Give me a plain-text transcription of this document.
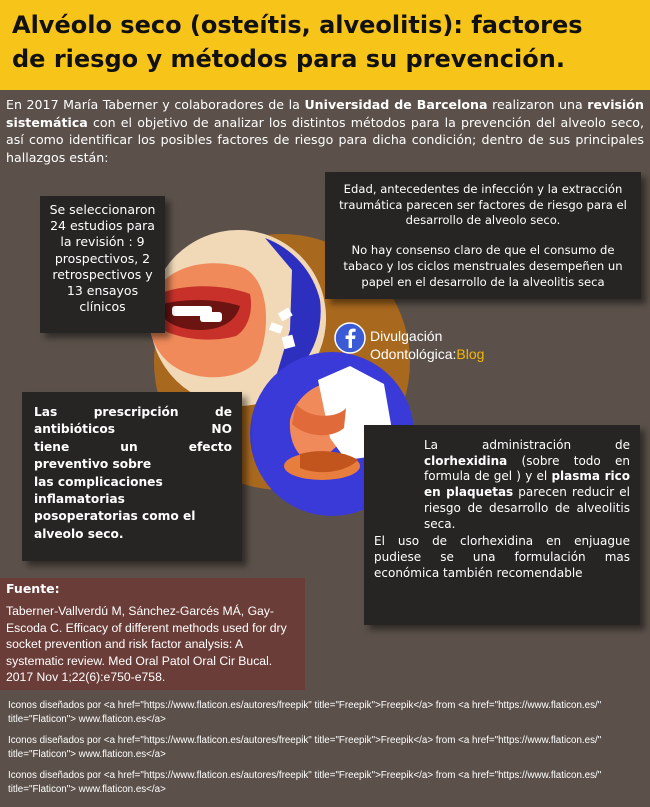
Alvéolo seco (osteítis, alveolitis): factores
de riesgo y métodos para su prevención.
En 2017 María Taberner y colaboradores de la Universidad de Barcelona realizaron una revisión sistemática con el objetivo de analizar los distintos métodos para la prevención del alveolo seco, así como identificar los posibles factores de riesgo para dicha condición; dentro de sus principales hallazgos están:
Se seleccionaron 24 estudios para la revisión : 9 prospectivos, 2 retrospectivos y 13 ensayos clínicos

Edad, antecedentes de infección y la extracción traumática parecen ser factores de riesgo para el desarrollo de alveolo seco.

No hay consenso claro de que el consumo de tabaco y los ciclos menstruales desempeñen un papel en el desarrollo de la alveolitis seca

Las prescripción de
antibióticos NO
tiene un efecto
preventivo sobre
las complicaciones inflamatorias posoperatorias como el alveolo seco.
La administración de clorhexidina (sobre todo en formula de gel ) y el plasma rico en plaquetas parecen reducir el riesgo de desarrollo de alveolitis seca.
El uso de clorhexidina en enjuague pudiese se una formulación mas económica también recomendable
Divulgación
Odontológica:Blog
Fuente:
Taberner-Vallverdú M, Sánchez-Garcés MÁ, Gay-Escoda C. Efficacy of different methods used for dry socket prevention and risk factor analysis: A systematic review. Med Oral Patol Oral Cir Bucal. 2017 Nov 1;22(6):e750-e758.

Iconos diseñados por <a href="https://www.flaticon.es/autores/freepik" title="Freepik">Freepik</a> from <a href="https://www.flaticon.es/" title="Flaticon"> www.flaticon.es</a>

Iconos diseñados por <a href="https://www.flaticon.es/autores/freepik" title="Freepik">Freepik</a> from <a href="https://www.flaticon.es/" title="Flaticon"> www.flaticon.es</a>

Iconos diseñados por <a href="https://www.flaticon.es/autores/freepik" title="Freepik">Freepik</a> from <a href="https://www.flaticon.es/" title="Flaticon"> www.flaticon.es</a>
